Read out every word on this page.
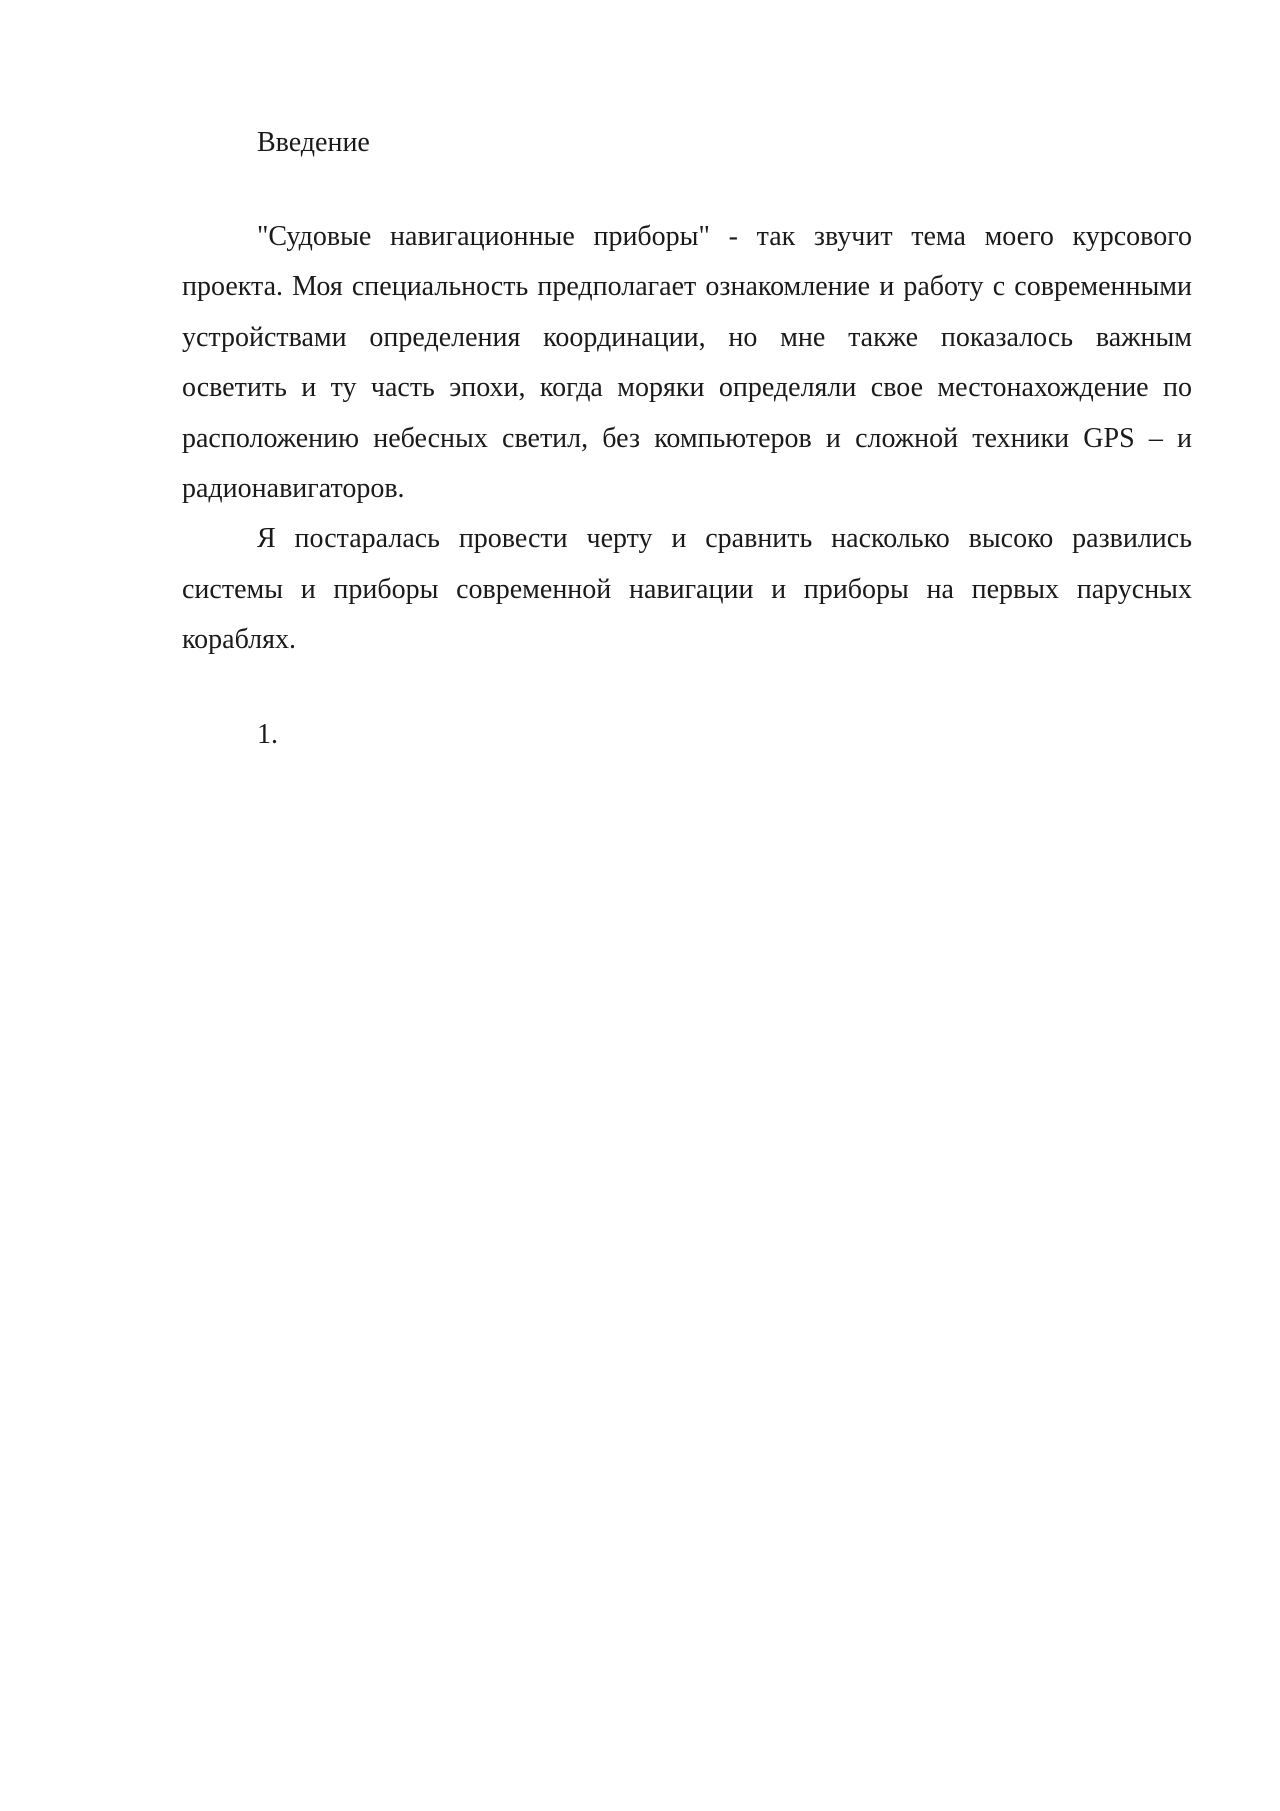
Введение

"Судовые навигационные приборы" - так звучит тема моего курсового проекта. Моя специальность предполагает ознакомление и работу с современными устройствами определения координации, но мне также показалось важным осветить и ту часть эпохи, когда моряки определяли свое местонахождение по расположению небесных светил, без компьютеров и сложной техники GPS – и радионавигаторов.

Я постаралась провести черту и сравнить насколько высоко развились системы и приборы современной навигации и приборы на первых парусных кораблях.

1.
